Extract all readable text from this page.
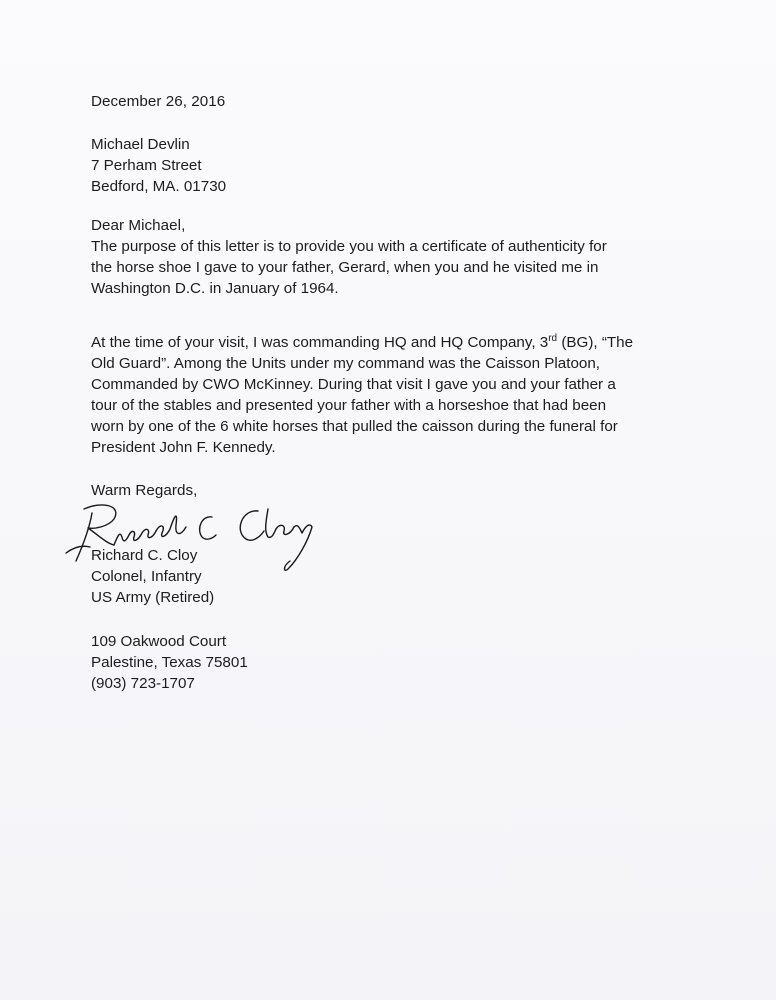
December 26, 2016
Michael Devlin
7 Perham Street
Bedford, MA. 01730
Dear Michael,
The purpose of this letter is to provide you with a certificate of authenticity for
the horse shoe I gave to your father, Gerard, when you and he visited me in
Washington D.C. in January of 1964.
At the time of your visit, I was commanding HQ and HQ Company, 3rd (BG), “The
Old Guard”. Among the Units under my command was the Caisson Platoon,
Commanded by CWO McKinney. During that visit I gave you and your father a
tour of the stables and presented your father with a horseshoe that had been
worn by one of the 6 white horses that pulled the caisson during the funeral for
President John F. Kennedy.
Warm Regards,
Richard C. Cloy
Colonel, Infantry
US Army (Retired)
109 Oakwood Court
Palestine, Texas 75801
(903) 723-1707
